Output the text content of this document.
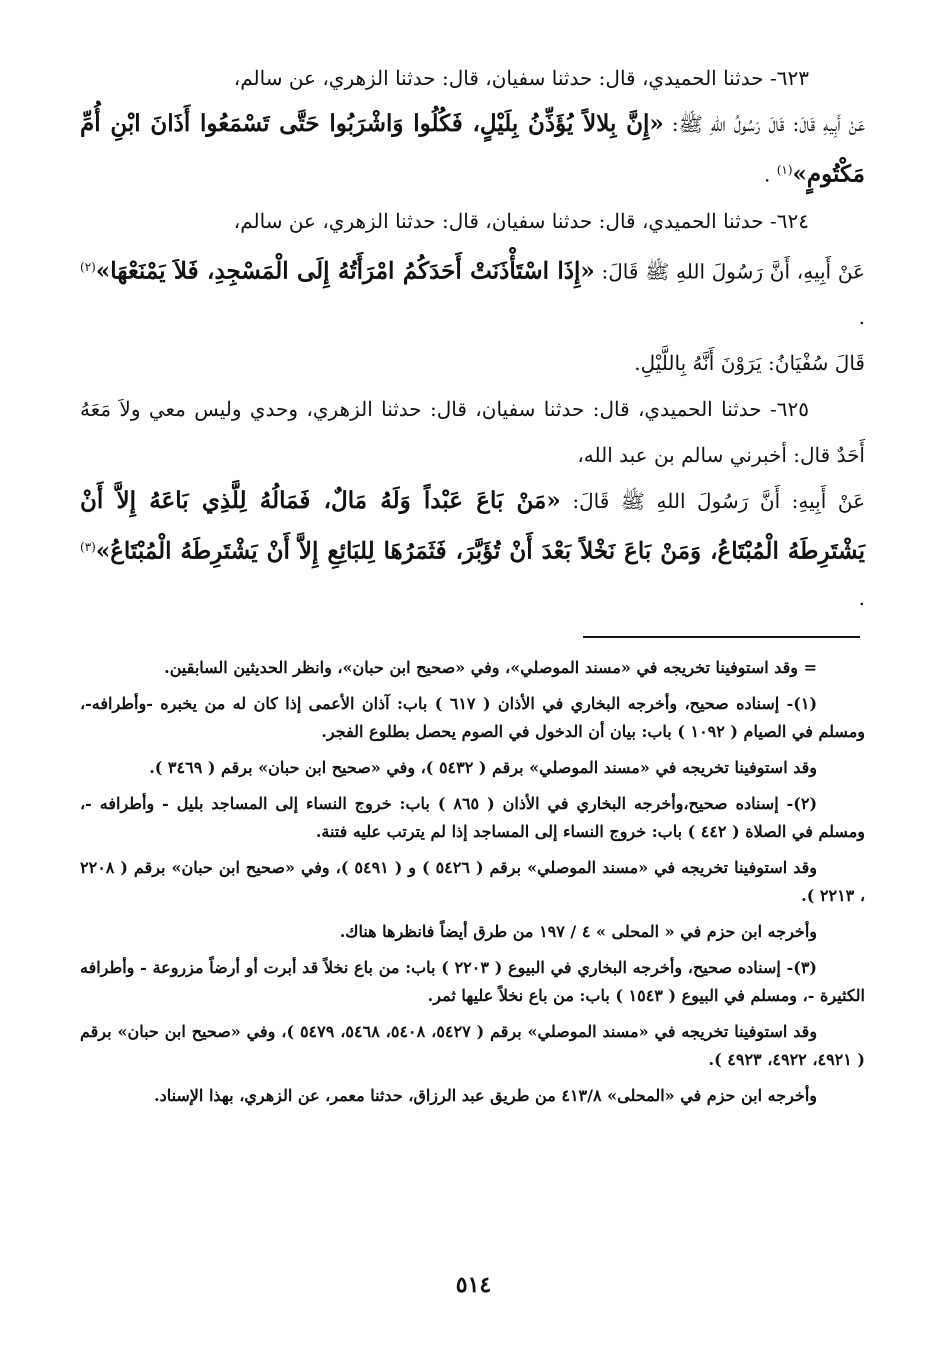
٦٢٣- حدثنا الحميدي، قال: حدثنا سفيان، قال: حدثنا الزهري، عن سالم،

عَنْ أَبِيهِ قَالَ: قَالَ رَسُولُ اللهِ ﷺ: «إِنَّ بِلالاً يُؤَذِّنُ بِلَيْلٍ، فَكُلُوا وَاشْرَبُوا حَتَّى تَسْمَعُوا أَذَانَ ابْنِ أُمِّ مَكْتُومٍ»$^{(١)}$ .

٦٢٤- حدثنا الحميدي، قال: حدثنا سفيان، قال: حدثنا الزهري، عن سالم،

عَنْ أَبِيهِ، أَنَّ رَسُولَ اللهِ ﷺ قَالَ: «إِذَا اسْتَأْذَنَتْ أَحَدَكُمُ امْرَأَتُهُ إِلَى الْمَسْجِدِ، فَلاَ يَمْنَعْهَا»$^{(٢)}$ .

قَالَ سُفْيَانُ: يَرَوْنَ أَنَّهُ بِاللَّيْلِ.

٦٢٥- حدثنا الحميدي، قال: حدثنا سفيان، قال: حدثنا الزهري، وحدي وليس معي ولاَ مَعَهُ أَحَدٌ قال: أخبرني سالم بن عبد الله،

عَنْ أَبِيهِ: أَنَّ رَسُولَ اللهِ ﷺ قَالَ: «مَنْ بَاعَ عَبْداً وَلَهُ مَالٌ، فَمَالُهُ لِلَّذِي بَاعَهُ إِلاَّ أَنْ يَشْتَرِطَهُ الْمُبْتَاعُ، وَمَنْ بَاعَ نَخْلاً بَعْدَ أَنْ تُؤَبَّرَ، فَثَمَرُهَا لِلبَائِعِ إِلاَّ أَنْ يَشْتَرِطَهُ الْمُبْتَاعُ»$^{(٣)}$ .

= وقد استوفينا تخريجه في «مسند الموصلي»، وفي «صحيح ابن حبان»، وانظر الحديثين السابقين.

(١)- إسناده صحيح، وأخرجه البخاري في الأذان ( ٦١٧ ) باب: آذان الأعمى إذا كان له من يخبره -وأطرافه-، ومسلم في الصيام ( ١٠٩٢ ) باب: بيان أن الدخول في الصوم يحصل بطلوع الفجر.

وقد استوفينا تخريجه في «مسند الموصلي» برقم ( ٥٤٣٢ )، وفي «صحيح ابن حبان» برقم ( ٣٤٦٩ ).

(٢)- إسناده صحيح،وأخرجه البخاري في الأذان ( ٨٦٥ ) باب: خروج النساء إلى المساجد بليل - وأطرافه -، ومسلم في الصلاة ( ٤٤٢ ) باب: خروج النساء إلى المساجد إذا لم يترتب عليه فتنة.

وقد استوفينا تخريجه في «مسند الموصلي» برقم ( ٥٤٢٦ ) و ( ٥٤٩١ )، وفي «صحيح ابن حبان» برقم ( ٢٢٠٨ ، ٢٢١٣ ).

وأخرجه ابن حزم في « المحلى » ٤ / ١٩٧ من طرق أيضاً فانظرها هناك.

(٣)- إسناده صحيح، وأخرجه البخاري في البيوع ( ٢٢٠٣ ) باب: من باع نخلاً قد أبرت أو أرضاً مزروعة - وأطرافه الكثيرة -، ومسلم في البيوع ( ١٥٤٣ ) باب: من باع نخلاً عليها ثمر.

وقد استوفينا تخريجه في «مسند الموصلي» برقم ( ٥٤٢٧، ٥٤٠٨، ٥٤٦٨، ٥٤٧٩ )، وفي «صحيح ابن حبان» برقم ( ٤٩٢١، ٤٩٢٢، ٤٩٢٣ ).

وأخرجه ابن حزم في «المحلى» ٤١٣/٨ من طريق عبد الرزاق، حدثنا معمر، عن الزهري، بهذا الإسناد.

٥١٤
